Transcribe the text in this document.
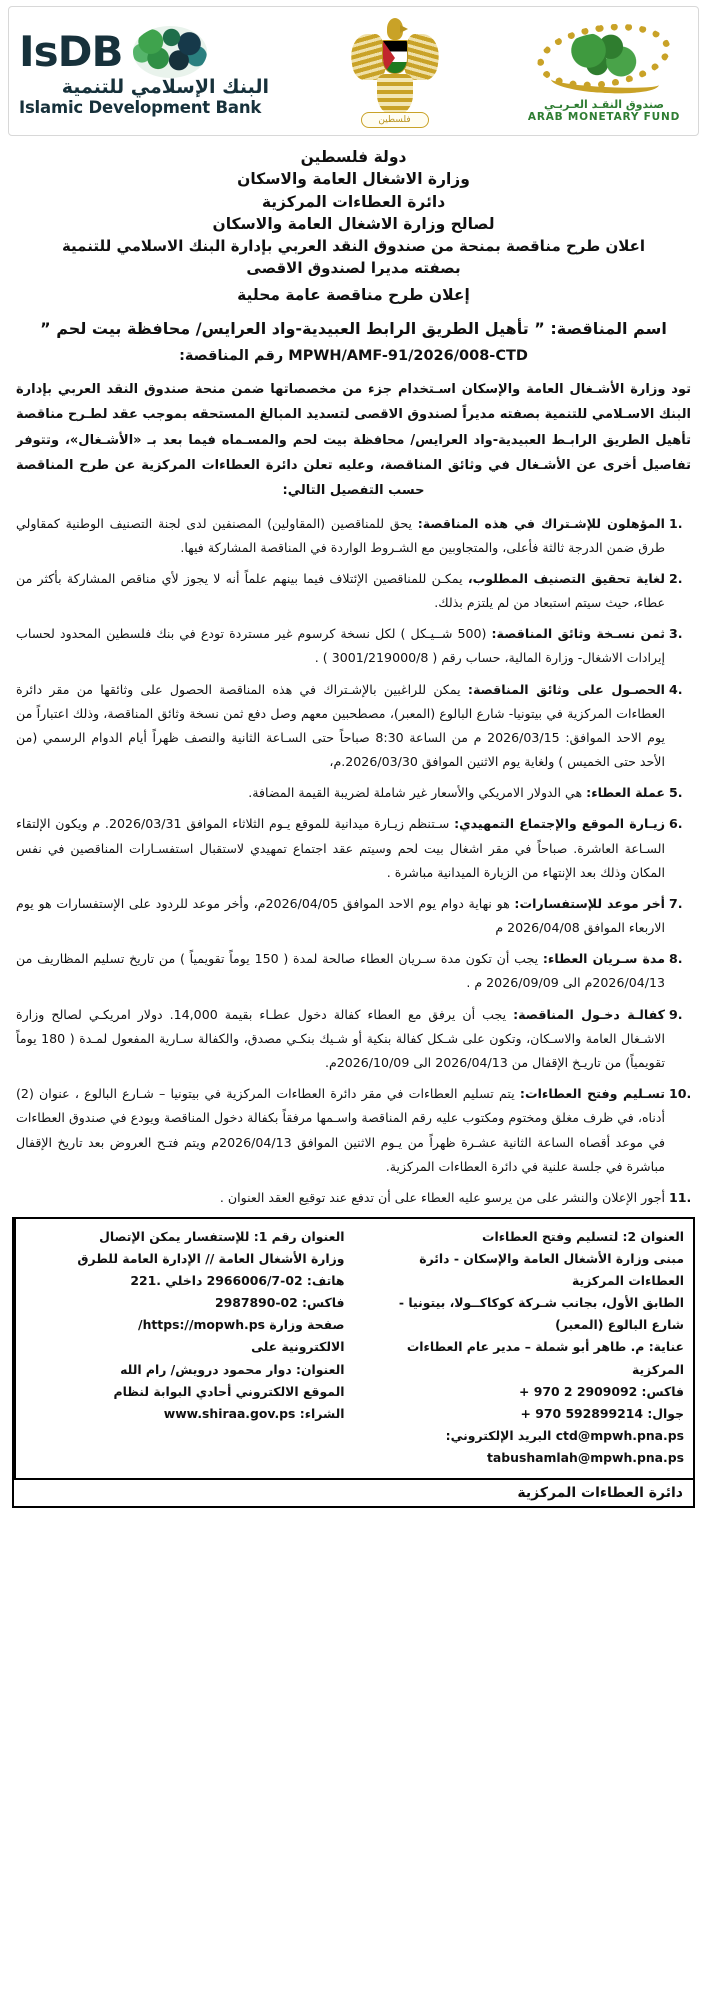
صندوق النقـد العـربـي
ARAB MONETARY FUND
فلسطين
IsDB
البنك الإسلامي للتنمية
Islamic Development Bank
دولة فلسطين
وزارة الاشغال العامة والاسكان
دائرة العطاءات المركزية
لصالح وزارة الاشغال العامة والاسكان
اعلان طرح مناقصة بمنحة من صندوق النقد العربي بإدارة البنك الاسلامي للتنمية
بصفته مديرا لصندوق الاقصى
إعلان طرح مناقصة عامة محلية
اسم المناقصة: ” تأهيل الطريق الرابط العبيدية-واد العرايس/ محافظة بيت لحم ”
MPWH/AMF-91/2026/008-CTD رقم المناقصة:
تود وزارة الأشـغال العامة والإسكان اسـتخدام جزء من مخصصاتها ضمن منحة صندوق النقد العربي بإدارة البنك الاسـلامي للتنمية بصفته مديراً لصندوق الاقصى لتسديد المبالغ المستحقه بموجب عقد لطـرح مناقصة تأهيل الطريق الرابـط العبيدية-واد العرايس/ محافظة بيت لحم والمسـماه فيما بعد بـ «الأشـغال»، وتتوفر تفاصيل أخرى عن الأشـغال في وثائق المناقصة، وعليه تعلن دائرة العطاءات المركزية عن طرح المناقصة حسب التفصيل التالي:
المؤهلون للإشـتراك في هذه المناقصة: يحق للمناقصين (المقاولين) المصنفين لدى لجنة التصنيف الوطنية كمقاولي طرق ضمن الدرجة ثالثة فأعلى، والمتجاوبين مع الشـروط الواردة في المناقصة المشاركة فيها.
لغاية تحقيق التصنيف المطلوب، يمكـن للمناقصين الإئتلاف فيما بينهم علماً أنه لا يجوز لأي مناقص المشاركة بأكثر من عطاء، حيث سيتم استبعاد من لم يلتزم بذلك.
ثمن نسـخة وثائق المناقصة: (500 شــيـكل ) لكل نسخة كرسوم غير مستردة تودع في بنك فلسطين المحدود لحساب إيرادات الاشغال- وزارة المالية، حساب رقم ( 3001/219000/8 ) .
الحصـول على وثائق المناقصة: يمكن للراغبين بالإشـتراك في هذه المناقصة الحصول على وثائقها من مقر دائرة العطاءات المركزية في بيتونيا- شارع البالوع (المعبر)، مصطحبين معهم وصل دفع ثمن نسخة وثائق المناقصة، وذلك اعتباراً من يوم الاحد الموافق: 2026/03/15 م من الساعة 8:30 صباحاً حتى السـاعة الثانية والنصف ظهراً أيام الدوام الرسمي (من الأحد حتى الخميس ) ولغاية يوم الاثنين الموافق 2026/03/30.م،
عملة العطاء: هي الدولار الامريكي والأسعار غير شاملة لضريبة القيمة المضافة.
زيـارة الموقع والإجتماع التمهيدي: سـتنظم زيـارة ميدانية للموقع يـوم الثلاثاء الموافق 2026/03/31. م ويكون الإلتقاء السـاعة العاشرة. صباحاً في مقر اشغال بيت لحم وسيتم عقد اجتماع تمهيدي لاستقبال استفسـارات المناقصين في نفس المكان وذلك بعد الإنتهاء من الزيارة الميدانية مباشرة .
أخر موعد للإستفسارات: هو نهاية دوام يوم الاحد الموافق 2026/04/05م، وأخر موعد للردود على الإستفسارات هو يوم الاربعاء الموافق 2026/04/08 م
مدة سـريان العطاء: يجب أن تكون مدة سـريان العطاء صالحة لمدة ( 150 يوماً تقويمياً ) من تاريخ تسليم المظاريف من 2026/04/13م الى 2026/09/09 م .
كفالـة دخـول المناقصة: يجب أن يرفق مع العطاء كفالة دخول عطـاء بقيمة 14,000. دولار امريكـي لصالح وزارة الاشـغال العامة والاسـكان، وتكون على شـكل كفالة بنكية أو شـيك بنكـي مصدق، والكفالة سـارية المفعول لمـدة ( 180 يوماً تقويمياً) من تاريـخ الإقفال من 2026/04/13 الى 2026/10/09م.
تسـليم وفتح العطاءات: يتم تسليم العطاءات في مقر دائرة العطاءات المركزية في بيتونيا – شـارع البالوع ، عنوان (2) أدناه، في ظرف مغلق ومختوم ومكتوب عليه رقم المناقصة واسـمها مرفقاً بكفالة دخول المناقصة ويودع في صندوق العطاءات في موعد أقصاه الساعة الثانية عشـرة ظهراً من يـوم الاثنين الموافق 2026/04/13م ويتم فتـح العروض بعد تاريخ الإقفال مباشرة في جلسة علنية في دائرة العطاءات المركزية.
أجور الإعلان والنشر على من يرسو عليه العطاء على أن تدفع عند توقيع العقد العنوان .
العنوان 2: لتسليم وفتح العطاءات
مبنى وزارة الأشغال العامة والإسكان - دائرة العطاءات المركزية
الطابق الأول، بجانب شـركة كوكاكــولا، بيتونيا - شارع البالوع (المعبر)
عناية: م. طاهر أبو شملة – مدير عام العطاءات المركزية
فاكس: 2909092 2 970 +
جوال: 592899214 970 +
ctd@mpwh.pna.ps البريد الإلكتروني:
tabushamlah@mpwh.pna.ps
العنوان رقم 1: للإستفسار يمكن الإتصال
وزارة الأشغال العامة // الإدارة العامة للطرق
هاتف: 02-2966006/7 داخلي .221
فاكس: 02-2987890
صفحة وزارة https://mopwh.ps/
الالكترونية على
العنوان: دوار محمود درويش/ رام الله
الموقع الالكتروني أحادي البوابة لنظام
الشراء: www.shiraa.gov.ps
دائرة العطاءات المركزية
